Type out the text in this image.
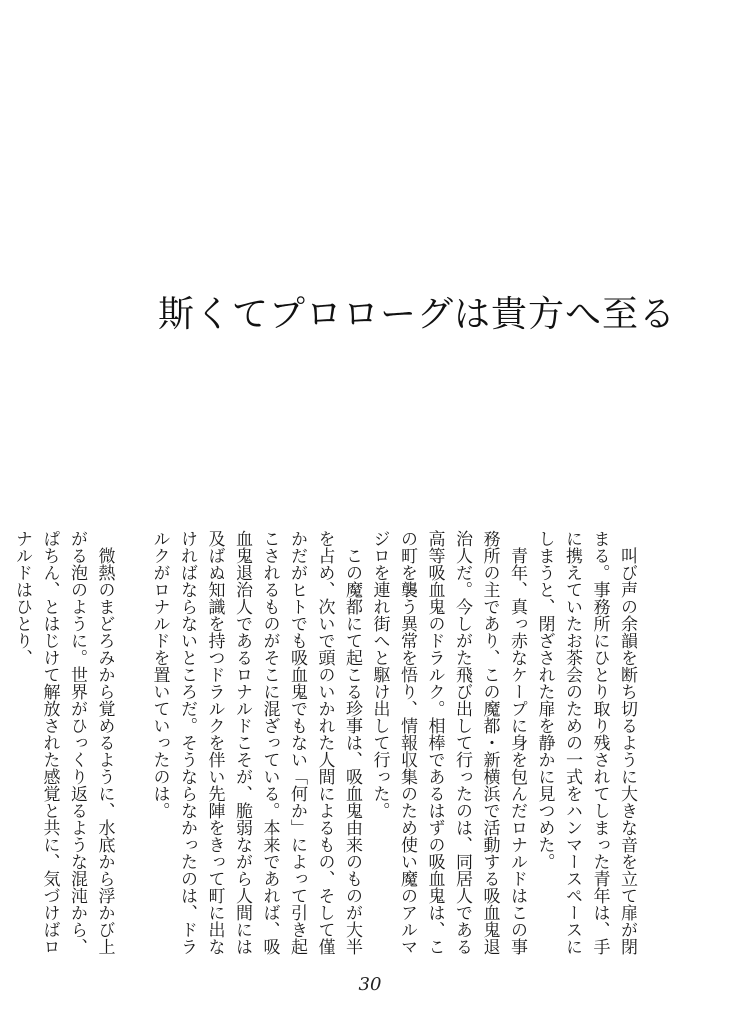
斯くてプロローグは貴方へ至る

叫び声の余韻を断ち切るように大きな音を立て扉が閉まる。事務所にひとり取り残されてしまった青年は、手に携えていたお茶会のための一式をハンマースペースにしまうと、閉ざされた扉を静かに見つめた。

青年、真っ赤なケープに身を包んだロナルドはこの事務所の主であり、この魔都・新横浜で活動する吸血鬼退治人だ。今しがた飛び出して行ったのは、同居人である高等吸血鬼のドラルク。相棒であるはずの吸血鬼は、この町を襲う異常を悟り、情報収集のため使い魔のアルマジロを連れ街へと駆け出して行った。

この魔都にて起こる珍事は、吸血鬼由来のものが大半を占め、次いで頭のいかれた人間によるもの、そして僅かだがヒトでも吸血鬼でもない「何か」によって引き起こされるものがそこに混ざっている。本来であれば、吸血鬼退治人であるロナルドこそが、脆弱ながら人間には及ばぬ知識を持つドラルクを伴い先陣をきって町に出なければならないところだ。そうならなかったのは、ドラルクがロナルドを置いていったのは。

微熱のまどろみから覚めるように、水底から浮かび上がる泡のように。世界がひっくり返るような混沌から、ぱちん、とはじけて解放された感覚と共に、気づけばロナルドはひとり、

30
